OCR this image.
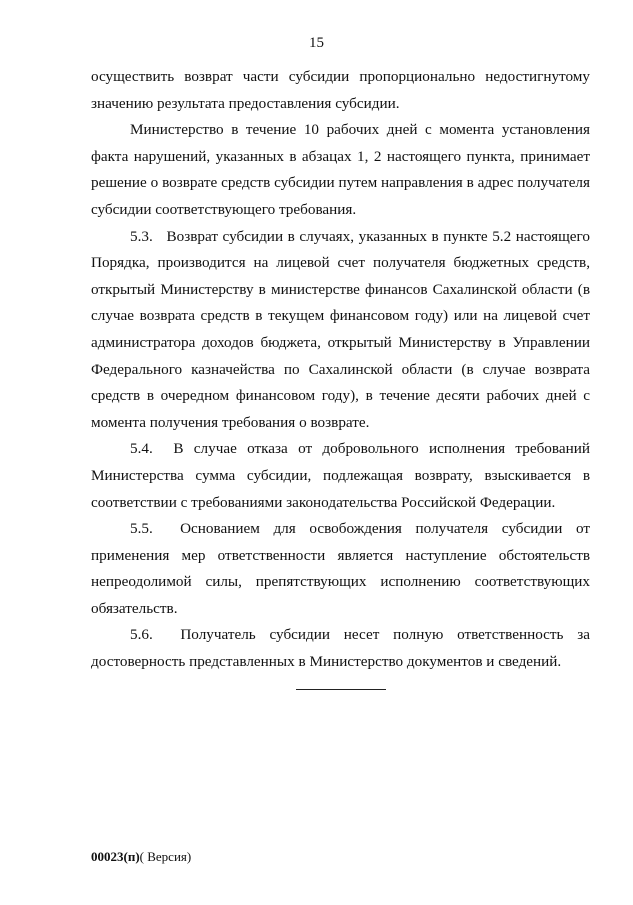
15

осуществить возврат части субсидии пропорционально недостигнутому значению результата предоставления субсидии.

Министерство в течение 10 рабочих дней с момента установления факта нарушений, указанных в абзацах 1, 2 настоящего пункта, принимает решение о возврате средств субсидии путем направления в адрес получателя субсидии соответствующего требования.

5.3.   Возврат субсидии в случаях, указанных в пункте 5.2 настоящего Порядка, производится на лицевой счет получателя бюджетных средств, открытый Министерству в министерстве финансов Сахалинской области (в случае возврата средств в текущем финансовом году) или на лицевой счет администратора доходов бюджета, открытый Министерству в Управлении Федерального казначейства по Сахалинской области (в случае возврата средств в очередном финансовом году), в течение десяти рабочих дней с момента получения требования о возврате.

5.4.  В случае отказа от добровольного исполнения требований Министерства сумма субсидии, подлежащая возврату, взыскивается в соответствии с требованиями законодательства Российской Федерации.

5.5.  Основанием для освобождения получателя субсидии от применения мер ответственности является наступление обстоятельств непреодолимой силы, препятствующих исполнению соответствующих обязательств.

5.6.  Получатель субсидии несет полную ответственность за достоверность представленных в Министерство документов и сведений.

00023(п)( Версия)
